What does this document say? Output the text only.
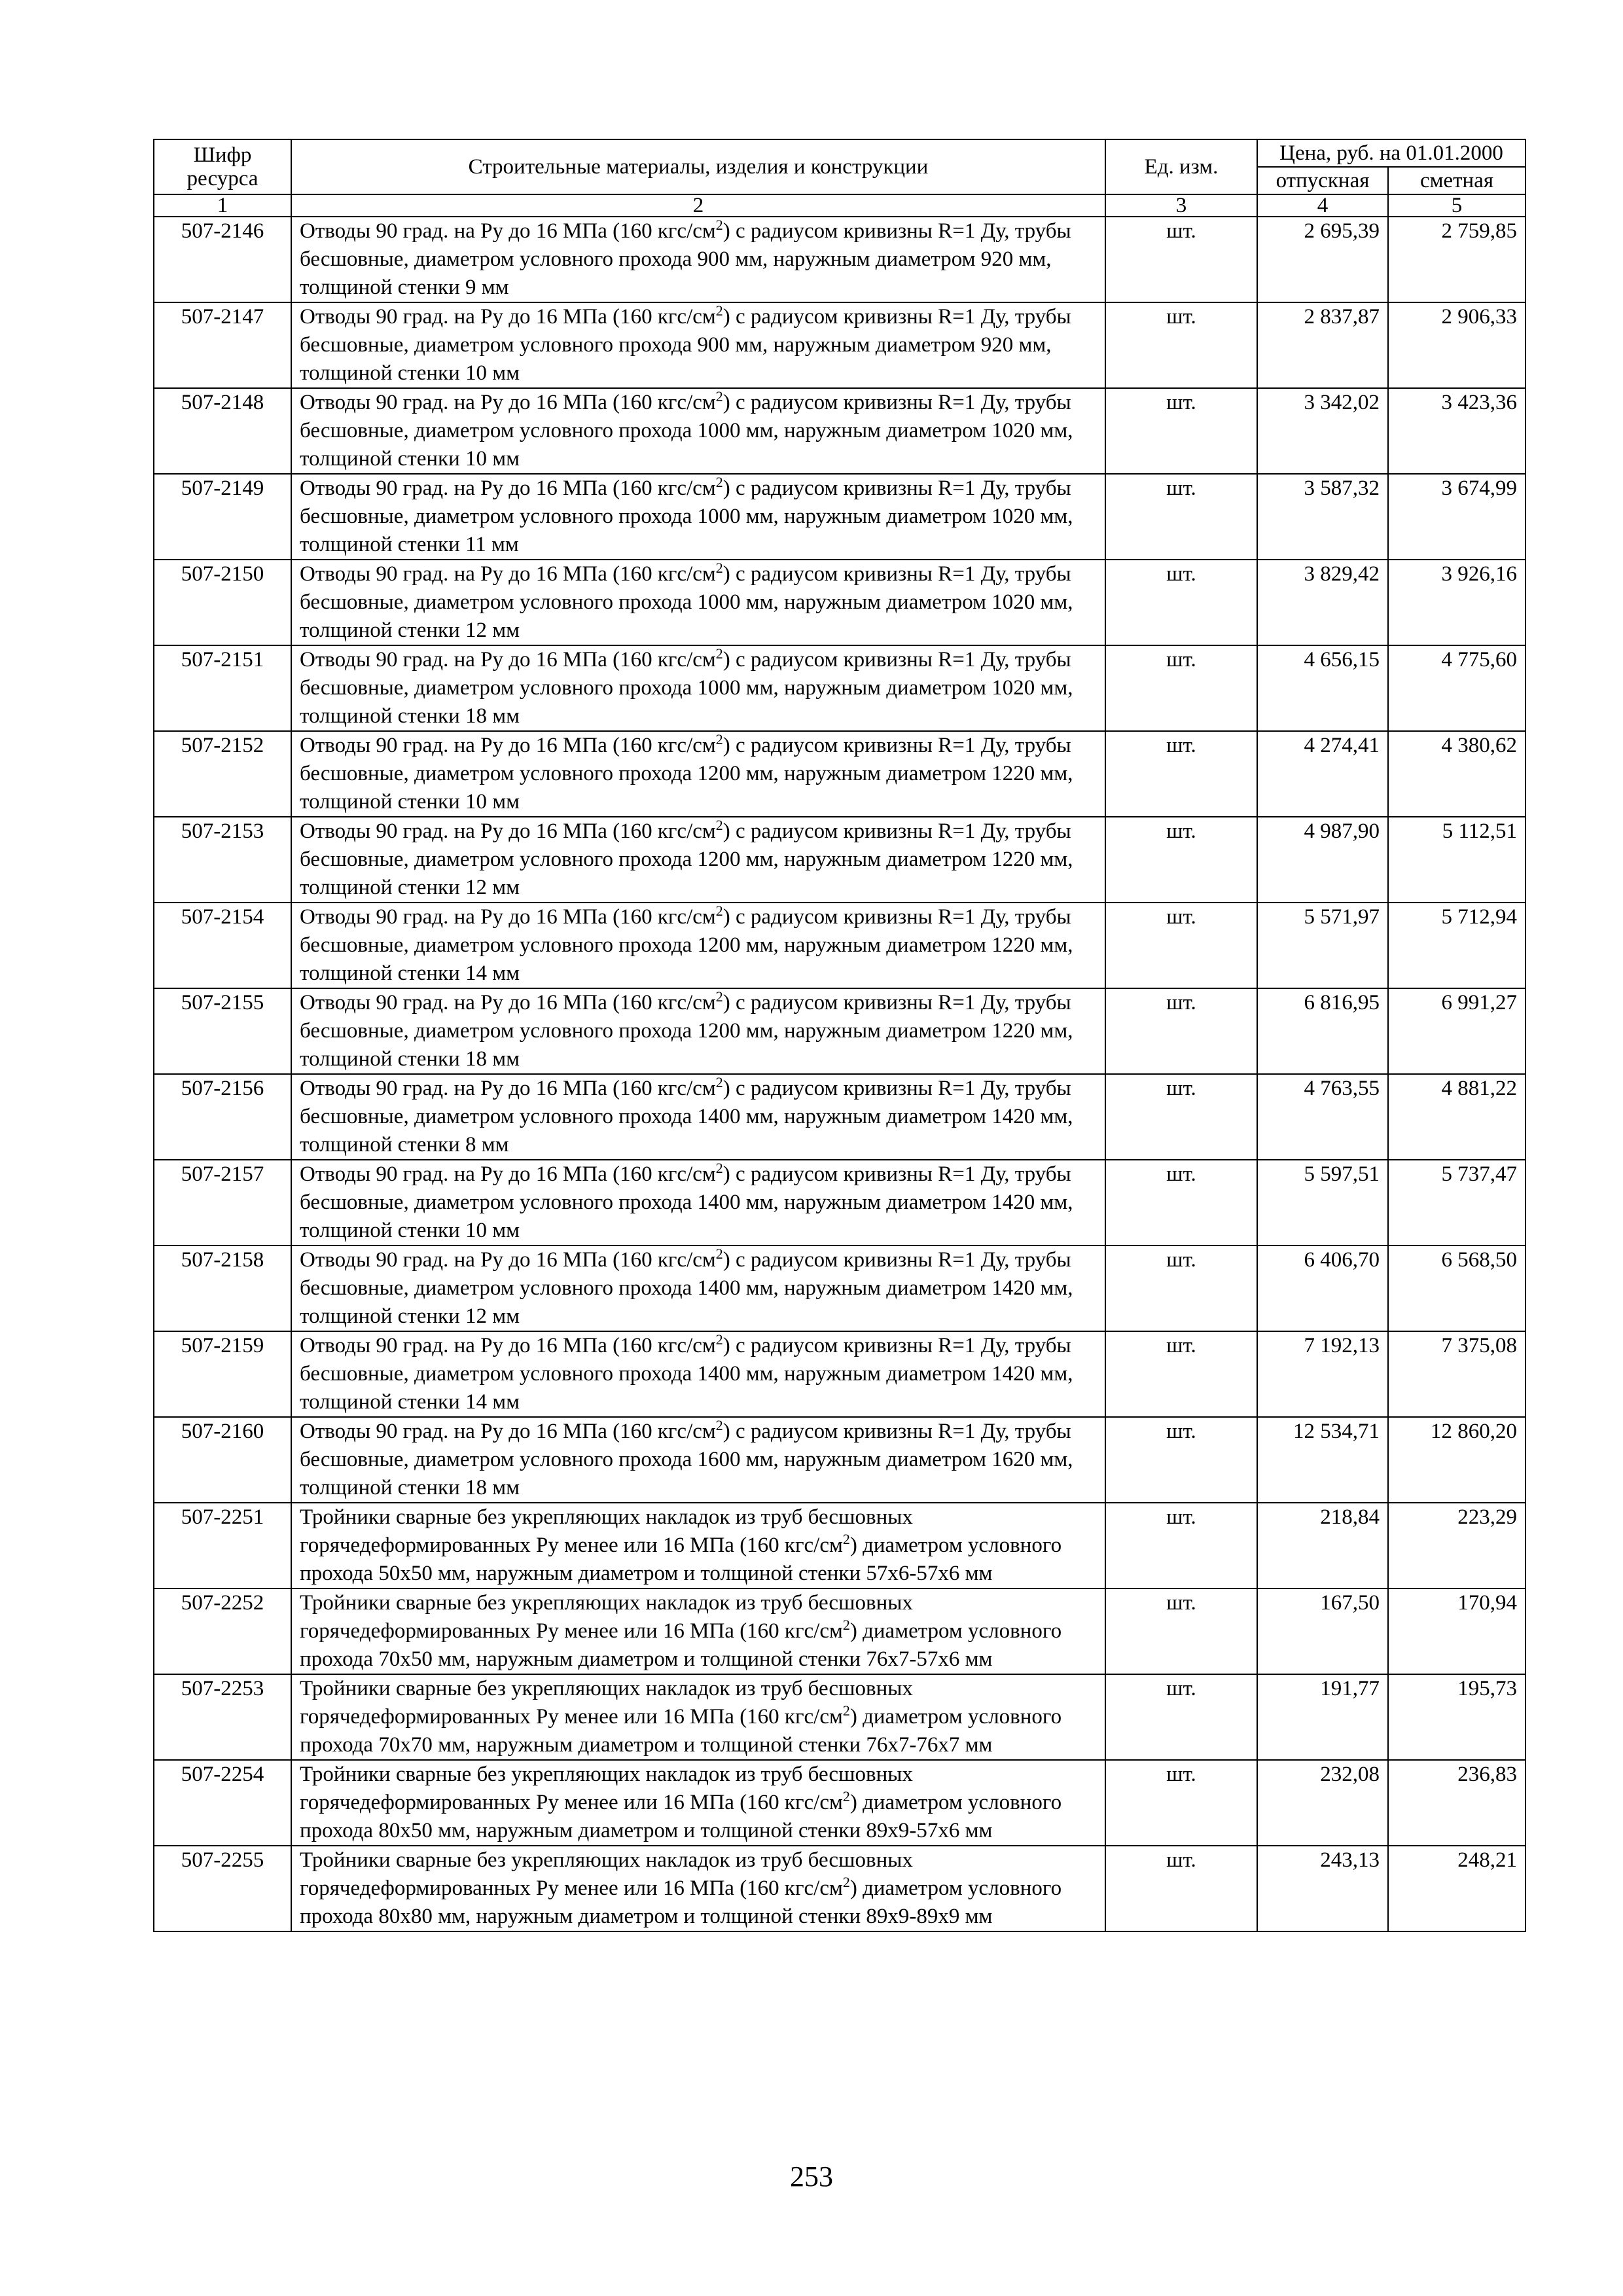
Шифр ресурса	Строительные материалы, изделия и конструкции	Ед. изм.	Цена, руб. на 01.01.2000	
			отпускная	сметная
1	2	3	4	5
507-2146	Отводы 90 град. на Ру до 16 МПа (160 кгс/$см^2$) с радиусом кривизны R=1 Ду, трубы бесшовные, диаметром условного прохода 900 мм, наружным диаметром 920 мм, толщиной стенки 9 мм	шт.	2 695,39	2 759,85
507-2147	Отводы 90 град. на Ру до 16 МПа (160 кгс/$см^2$) с радиусом кривизны R=1 Ду, трубы бесшовные, диаметром условного прохода 900 мм, наружным диаметром 920 мм, толщиной стенки 10 мм	шт.	2 837,87	2 906,33
507-2148	Отводы 90 град. на Ру до 16 МПа (160 кгс/$см^2$) с радиусом кривизны R=1 Ду, трубы бесшовные, диаметром условного прохода 1000 мм, наружным диаметром 1020 мм, толщиной стенки 10 мм	шт.	3 342,02	3 423,36
507-2149	Отводы 90 град. на Ру до 16 МПа (160 кгс/$см^2$) с радиусом кривизны R=1 Ду, трубы бесшовные, диаметром условного прохода 1000 мм, наружным диаметром 1020 мм, толщиной стенки 11 мм	шт.	3 587,32	3 674,99
507-2150	Отводы 90 град. на Ру до 16 МПа (160 кгс/$см^2$) с радиусом кривизны R=1 Ду, трубы бесшовные, диаметром условного прохода 1000 мм, наружным диаметром 1020 мм, толщиной стенки 12 мм	шт.	3 829,42	3 926,16
507-2151	Отводы 90 град. на Ру до 16 МПа (160 кгс/$см^2$) с радиусом кривизны R=1 Ду, трубы бесшовные, диаметром условного прохода 1000 мм, наружным диаметром 1020 мм, толщиной стенки 18 мм	шт.	4 656,15	4 775,60
507-2152	Отводы 90 град. на Ру до 16 МПа (160 кгс/$см^2$) с радиусом кривизны R=1 Ду, трубы бесшовные, диаметром условного прохода 1200 мм, наружным диаметром 1220 мм, толщиной стенки 10 мм	шт.	4 274,41	4 380,62
507-2153	Отводы 90 град. на Ру до 16 МПа (160 кгс/$см^2$) с радиусом кривизны R=1 Ду, трубы бесшовные, диаметром условного прохода 1200 мм, наружным диаметром 1220 мм, толщиной стенки 12 мм	шт.	4 987,90	5 112,51
507-2154	Отводы 90 град. на Ру до 16 МПа (160 кгс/$см^2$) с радиусом кривизны R=1 Ду, трубы бесшовные, диаметром условного прохода 1200 мм, наружным диаметром 1220 мм, толщиной стенки 14 мм	шт.	5 571,97	5 712,94
507-2155	Отводы 90 град. на Ру до 16 МПа (160 кгс/$см^2$) с радиусом кривизны R=1 Ду, трубы бесшовные, диаметром условного прохода 1200 мм, наружным диаметром 1220 мм, толщиной стенки 18 мм	шт.	6 816,95	6 991,27
507-2156	Отводы 90 град. на Ру до 16 МПа (160 кгс/$см^2$) с радиусом кривизны R=1 Ду, трубы бесшовные, диаметром условного прохода 1400 мм, наружным диаметром 1420 мм, толщиной стенки 8 мм	шт.	4 763,55	4 881,22
507-2157	Отводы 90 град. на Ру до 16 МПа (160 кгс/$см^2$) с радиусом кривизны R=1 Ду, трубы бесшовные, диаметром условного прохода 1400 мм, наружным диаметром 1420 мм, толщиной стенки 10 мм	шт.	5 597,51	5 737,47
507-2158	Отводы 90 град. на Ру до 16 МПа (160 кгс/$см^2$) с радиусом кривизны R=1 Ду, трубы бесшовные, диаметром условного прохода 1400 мм, наружным диаметром 1420 мм, толщиной стенки 12 мм	шт.	6 406,70	6 568,50
507-2159	Отводы 90 град. на Ру до 16 МПа (160 кгс/$см^2$) с радиусом кривизны R=1 Ду, трубы бесшовные, диаметром условного прохода 1400 мм, наружным диаметром 1420 мм, толщиной стенки 14 мм	шт.	7 192,13	7 375,08
507-2160	Отводы 90 град. на Ру до 16 МПа (160 кгс/$см^2$) с радиусом кривизны R=1 Ду, трубы бесшовные, диаметром условного прохода 1600 мм, наружным диаметром 1620 мм, толщиной стенки 18 мм	шт.	12 534,71	12 860,20
507-2251	Тройники сварные без укрепляющих накладок из труб бесшовных горячедеформированных Ру менее или 16 МПа (160 кгс/$см^2$) диаметром условного прохода 50х50 мм, наружным диаметром и толщиной стенки 57х6-57х6 мм	шт.	218,84	223,29
507-2252	Тройники сварные без укрепляющих накладок из труб бесшовных горячедеформированных Ру менее или 16 МПа (160 кгс/$см^2$) диаметром условного прохода 70х50 мм, наружным диаметром и толщиной стенки 76х7-57х6 мм	шт.	167,50	170,94
507-2253	Тройники сварные без укрепляющих накладок из труб бесшовных горячедеформированных Ру менее или 16 МПа (160 кгс/$см^2$) диаметром условного прохода 70х70 мм, наружным диаметром и толщиной стенки 76х7-76х7 мм	шт.	191,77	195,73
507-2254	Тройники сварные без укрепляющих накладок из труб бесшовных горячедеформированных Ру менее или 16 МПа (160 кгс/$см^2$) диаметром условного прохода 80х50 мм, наружным диаметром и толщиной стенки 89х9-57х6 мм	шт.	232,08	236,83
507-2255	Тройники сварные без укрепляющих накладок из труб бесшовных горячедеформированных Ру менее или 16 МПа (160 кгс/$см^2$) диаметром условного прохода 80х80 мм, наружным диаметром и толщиной стенки 89х9-89х9 мм	шт.	243,13	248,21
253
